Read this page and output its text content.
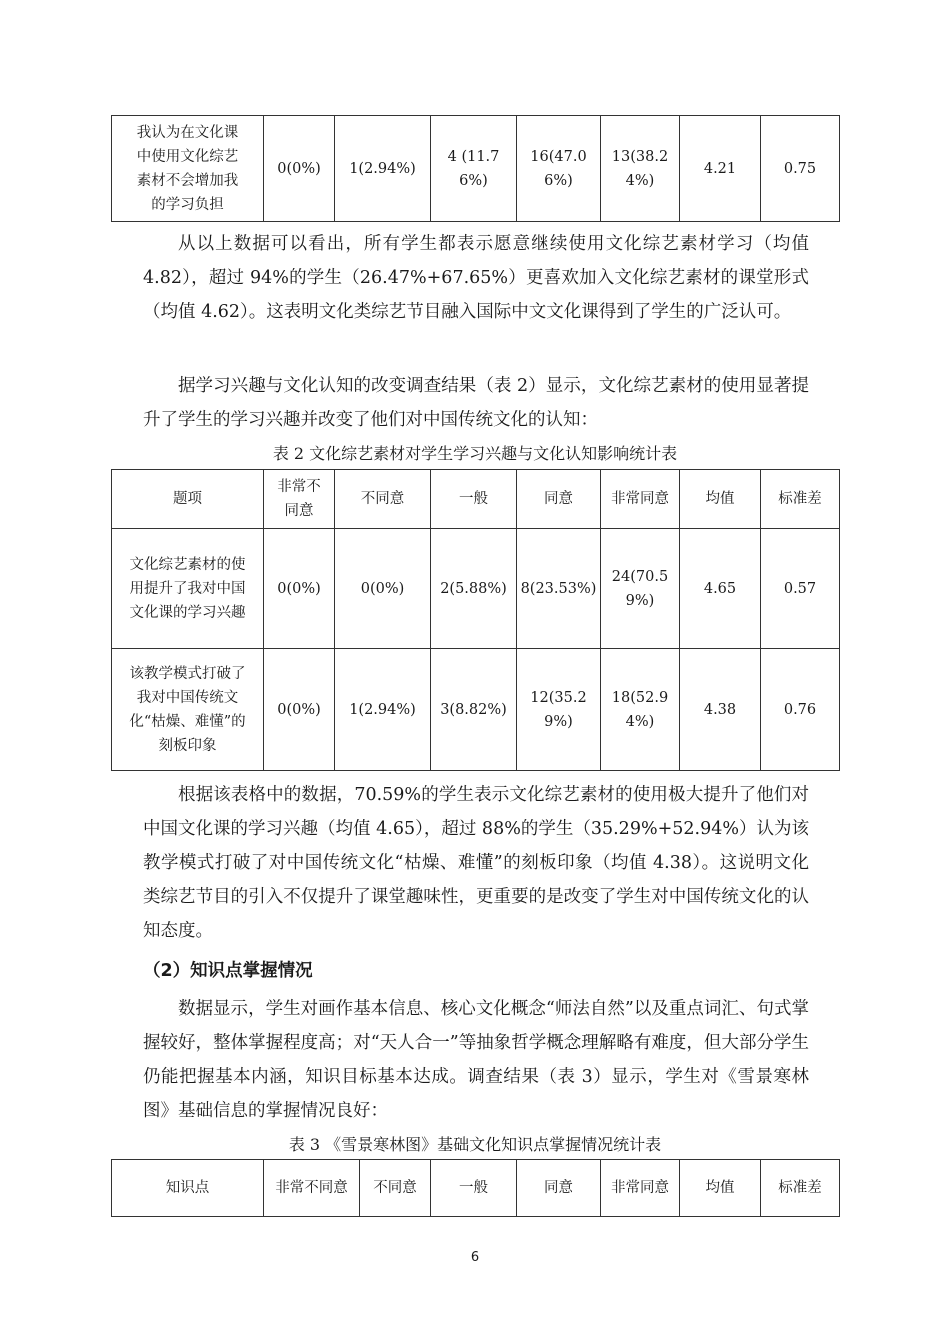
我认为在文化课中使用文化综艺素材不会增加我的学习负担	0(0%)	1(2.94%)	4 (11.76%)	16(47.06%)	13(38.24%)	4.21	0.75

从以上数据可以看出，所有学生都表示愿意继续使用文化综艺素材学习（均值 4.82），超过 94%的学生（26.47%+67.65%）更喜欢加入文化综艺素材的课堂形式（均值 4.62）。这表明文化类综艺节目融入国际中文文化课得到了学生的广泛认可。

据学习兴趣与文化认知的改变调查结果（表 2）显示，文化综艺素材的使用显著提升了学生的学习兴趣并改变了他们对中国传统文化的认知：

表 2 文化综艺素材对学生学习兴趣与文化认知影响统计表

题项	非常不同意	不同意	一般	同意	非常同意	均值	标准差
文化综艺素材的使用提升了我对中国文化课的学习兴趣	0(0%)	0(0%)	2(5.88%)	8(23.53%)	24(70.59%)	4.65	0.57
该教学模式打破了我对中国传统文化“枯燥、难懂”的刻板印象	0(0%)	1(2.94%)	3(8.82%)	12(35.29%)	18(52.94%)	4.38	0.76

根据该表格中的数据，70.59%的学生表示文化综艺素材的使用极大提升了他们对中国文化课的学习兴趣（均值 4.65），超过 88%的学生（35.29%+52.94%）认为该教学模式打破了对中国传统文化“枯燥、难懂”的刻板印象（均值 4.38）。这说明文化类综艺节目的引入不仅提升了课堂趣味性，更重要的是改变了学生对中国传统文化的认知态度。

（2）知识点掌握情况

数据显示，学生对画作基本信息、核心文化概念“师法自然”以及重点词汇、句式掌握较好，整体掌握程度高；对“天人合一”等抽象哲学概念理解略有难度，但大部分学生仍能把握基本内涵，知识目标基本达成。调查结果（表 3）显示，学生对《雪景寒林图》基础信息的掌握情况良好：

表 3 《雪景寒林图》基础文化知识点掌握情况统计表

知识点	非常不同意	不同意	一般	同意	非常同意	均值	标准差
6
